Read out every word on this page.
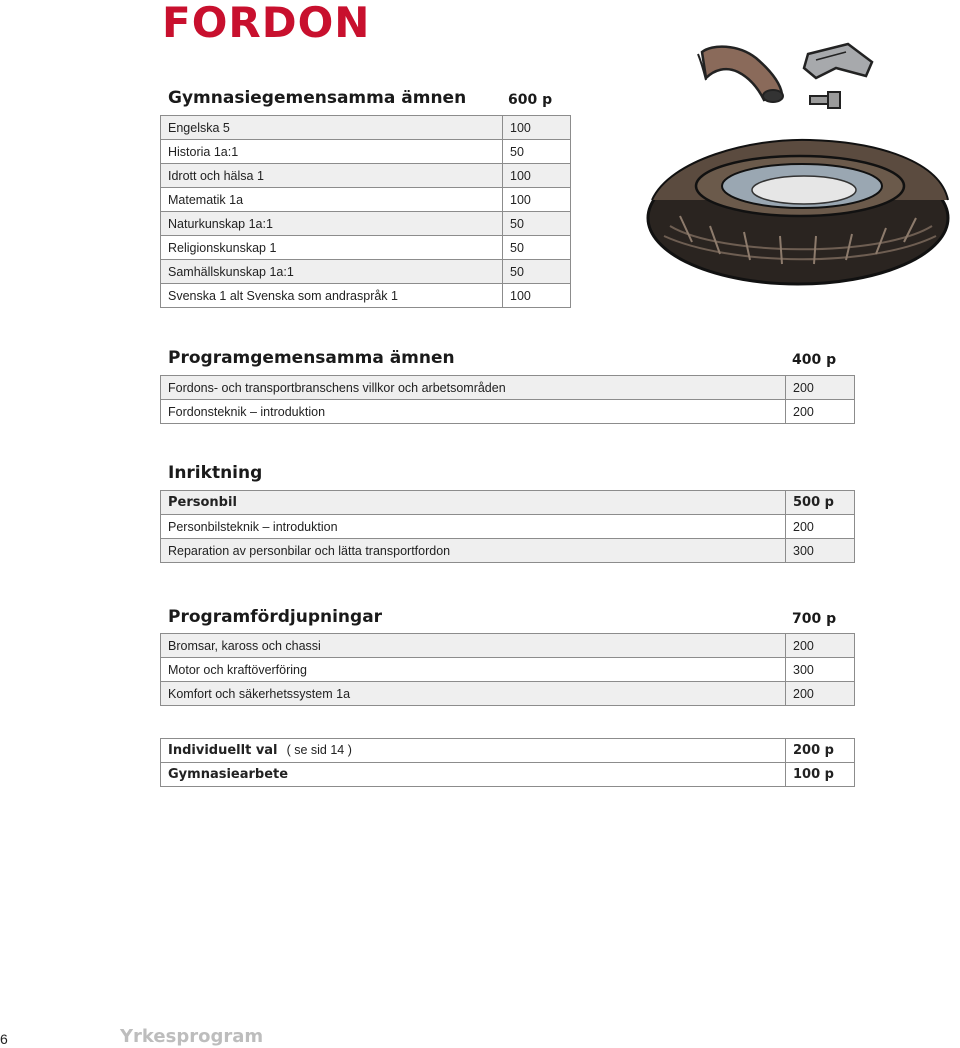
FORDON
Gymnasiegemensamma ämnen	600 p
Engelska 5	100
Historia 1a:1	50
Idrott och hälsa 1	100
Matematik 1a	100
Naturkunskap 1a:1	50
Religionskunskap 1	50
Samhällskunskap 1a:1	50
Svenska 1 alt Svenska som andraspråk 1	100
Programgemensamma ämnen	400 p
Fordons- och transportbranschens villkor och arbetsområden	200
Fordonsteknik – introduktion	200
Inriktning
Personbil	500 p
Personbilsteknik – introduktion	200
Reparation av personbilar och lätta transportfordon	300
Programfördjupningar	700 p
Bromsar, kaross och chassi	200
Motor och kraftöverföring	300
Komfort och säkerhetssystem 1a	200
Individuellt val ( se sid 14 )	200 p
Gymnasiearbete	100 p
6	Yrkesprogram
